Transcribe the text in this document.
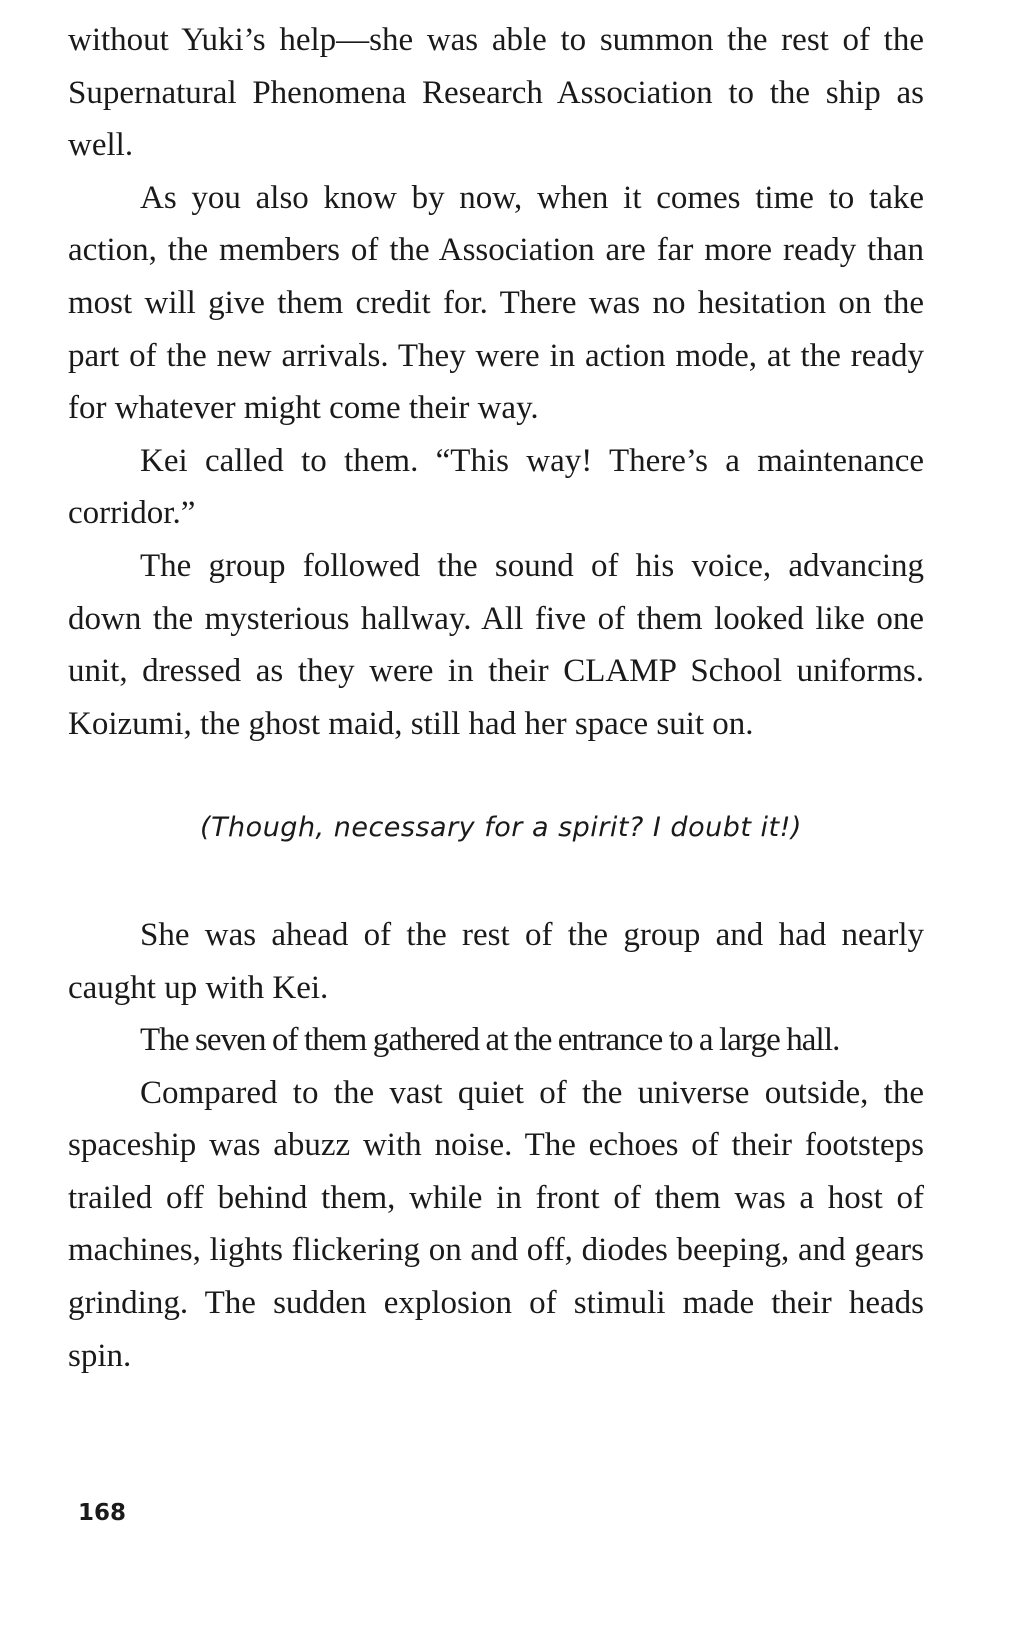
without Yuki’s help—she was able to summon the rest of the Supernatural Phenomena Research Association to the ship as well.

As you also know by now, when it comes time to take action, the members of the Association are far more ready than most will give them credit for. There was no hesitation on the part of the new arrivals. They were in action mode, at the ready for whatever might come their way.

Kei called to them. “This way! There’s a maintenance corridor.”

The group followed the sound of his voice, advancing down the mysterious hallway. All five of them looked like one unit, dressed as they were in their CLAMP School uniforms. Koizumi, the ghost maid, still had her space suit on.

(Though, necessary for a spirit? I doubt it!)

She was ahead of the rest of the group and had nearly caught up with Kei.

The seven of them gathered at the entrance to a large hall.

Compared to the vast quiet of the universe outside, the spaceship was abuzz with noise. The echoes of their footsteps trailed off behind them, while in front of them was a host of machines, lights flickering on and off, diodes beeping, and gears grinding. The sudden explosion of stimuli made their heads spin.

168
